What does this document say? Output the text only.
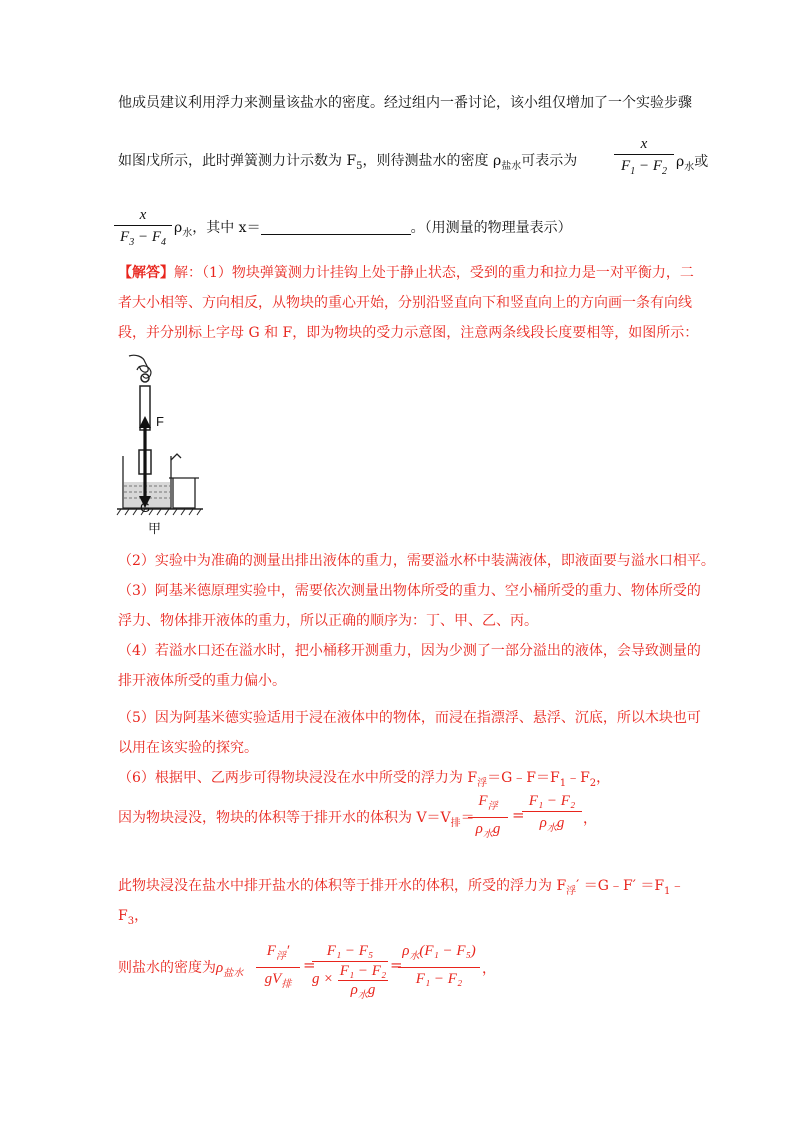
他成员建议利用浮力来测量该盐水的密度。经过组内一番讨论，该小组仅增加了一个实验步骤
如图戊所示，此时弹簧测力计示数为 $F_5$，则待测盐水的密度 $\rho_{盐水}$可表示为 $\frac{x}{F_1 - F_2} \rho_水$或
$\frac{x}{F_3 - F_4} \rho_水$，其中 x＝	。（用测量的物理量表示）
【解答】解：（1）物块弹簧测力计挂钩上处于静止状态，受到的重力和拉力是一对平衡力，二
者大小相等、方向相反，从物块的重心开始，分别沿竖直向下和竖直向上的方向画一条有向线
段，并分别标上字母 G 和 F，即为物块的受力示意图，注意两条线段长度要相等，如图所示：
F
G
甲
（2）实验中为准确的测量出排出液体的重力，需要溢水杯中装满液体，即液面要与溢水口相平。
（3）阿基米德原理实验中，需要依次测量出物体所受的重力、空小桶所受的重力、物体所受的
浮力、物体排开液体的重力，所以正确的顺序为：丁、甲、乙、丙。
（4）若溢水口还在溢水时，把小桶移开测重力，因为少测了一部分溢出的液体，会导致测量的
排开液体所受的重力偏小。
（5）因为阿基米德实验适用于浸在液体中的物体，而浸在指漂浮、悬浮、沉底，所以木块也可
以用在该实验的探究。
（6）根据甲、乙两步可得物块浸没在水中所受的浮力为 $F_浮=G﹣F=F_1﹣F_2$，
因为物块浸没，物块的体积等于排开水的体积为 $V=V_排=$
$F_浮$
$\rho_水g$
=
F₁ − F₂
$\rho_水g$	，
此物块浸没在盐水中排开盐水的体积等于排开水的体积，所受的浮力为 $F_浮'$ ＝G﹣F′ $=F_1﹣$
$F_3$，
则盐水的密度为$\rho_{盐水}$
$F_浮'$
$gV_排$
=
F₁ − F₅
g × F₁ − F₂
$\rho_水g$
=
$\rho_水(F_1 - F_5)$
F₁ − F₂
，
